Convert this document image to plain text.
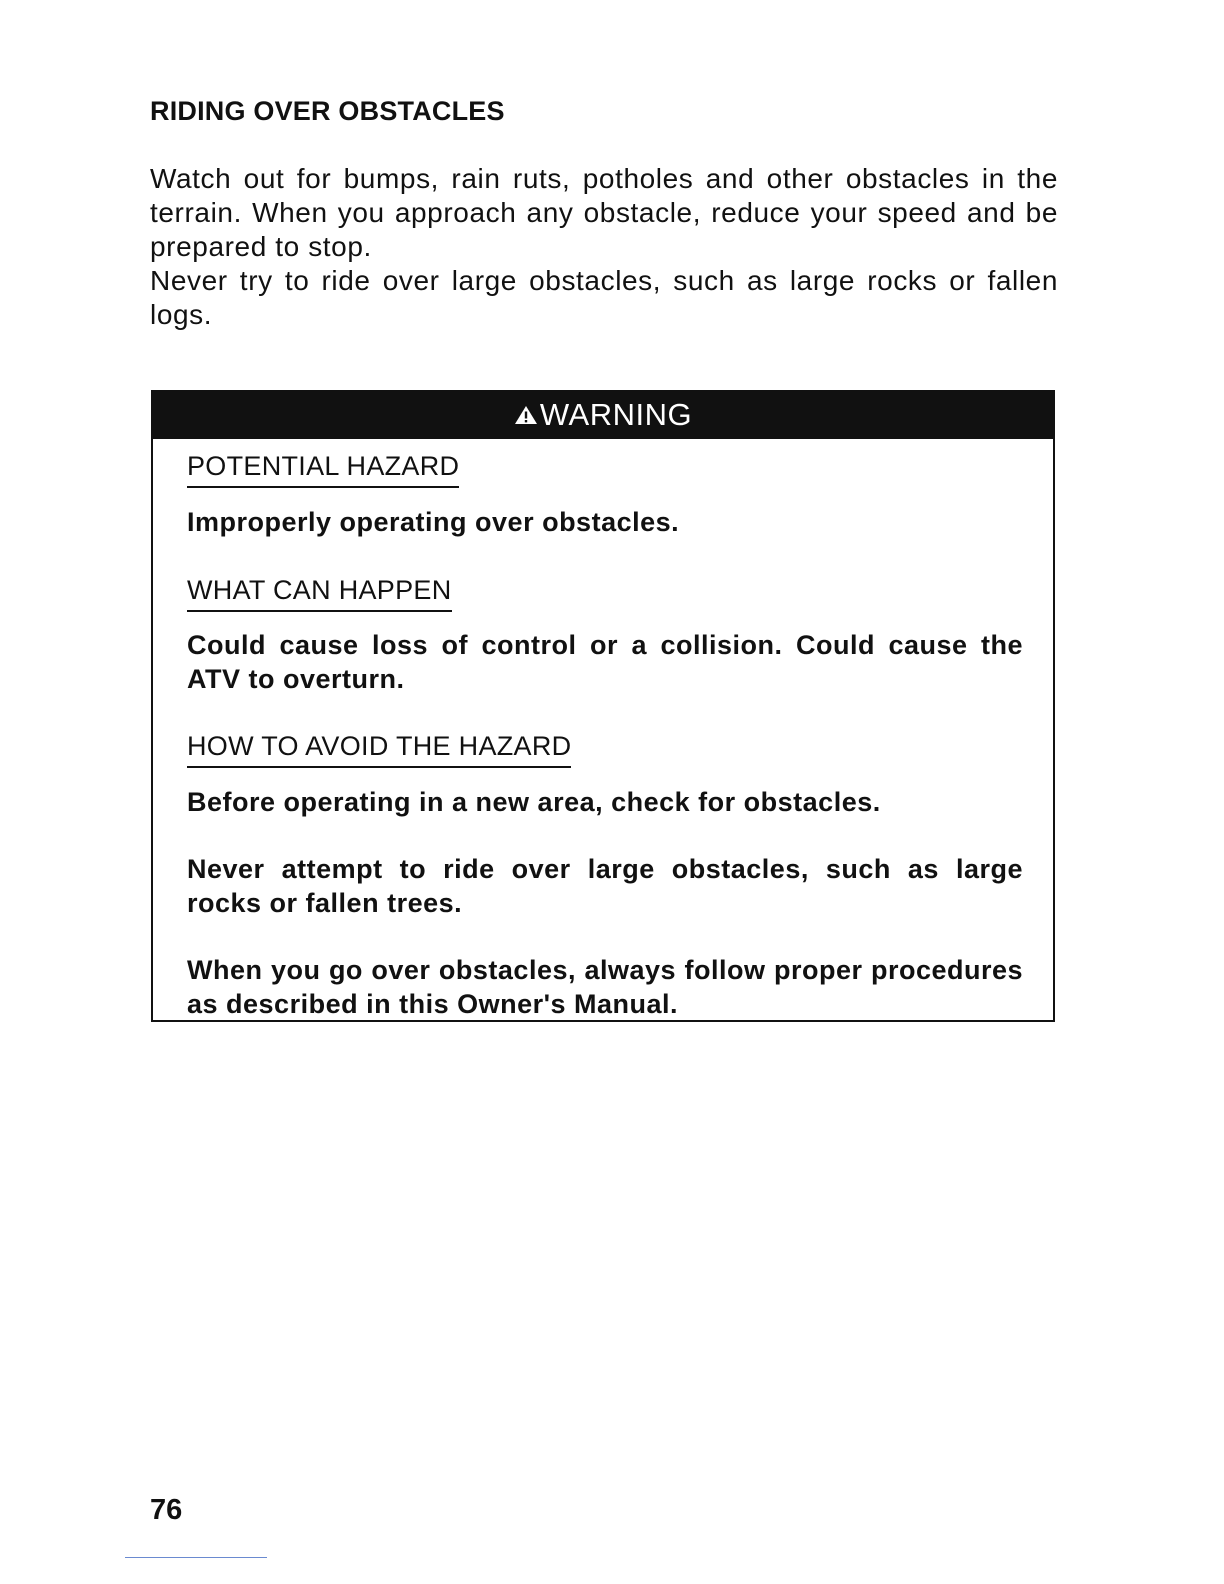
RIDING OVER OBSTACLES

Watch out for bumps, rain ruts, potholes and other obstacles in the terrain. When you approach any obstacle, reduce your speed and be prepared to stop.

Never try to ride over large obstacles, such as large rocks or fallen logs.

WARNING
POTENTIAL HAZARD

Improperly operating over obstacles.

WHAT CAN HAPPEN

Could cause loss of control or a collision. Could cause the ATV to overturn.

HOW TO AVOID THE HAZARD

Before operating in a new area, check for obstacles.

Never attempt to ride over large obstacles, such as large rocks or fallen trees.

When you go over obstacles, always follow proper procedures as described in this Owner's Manual.

76
